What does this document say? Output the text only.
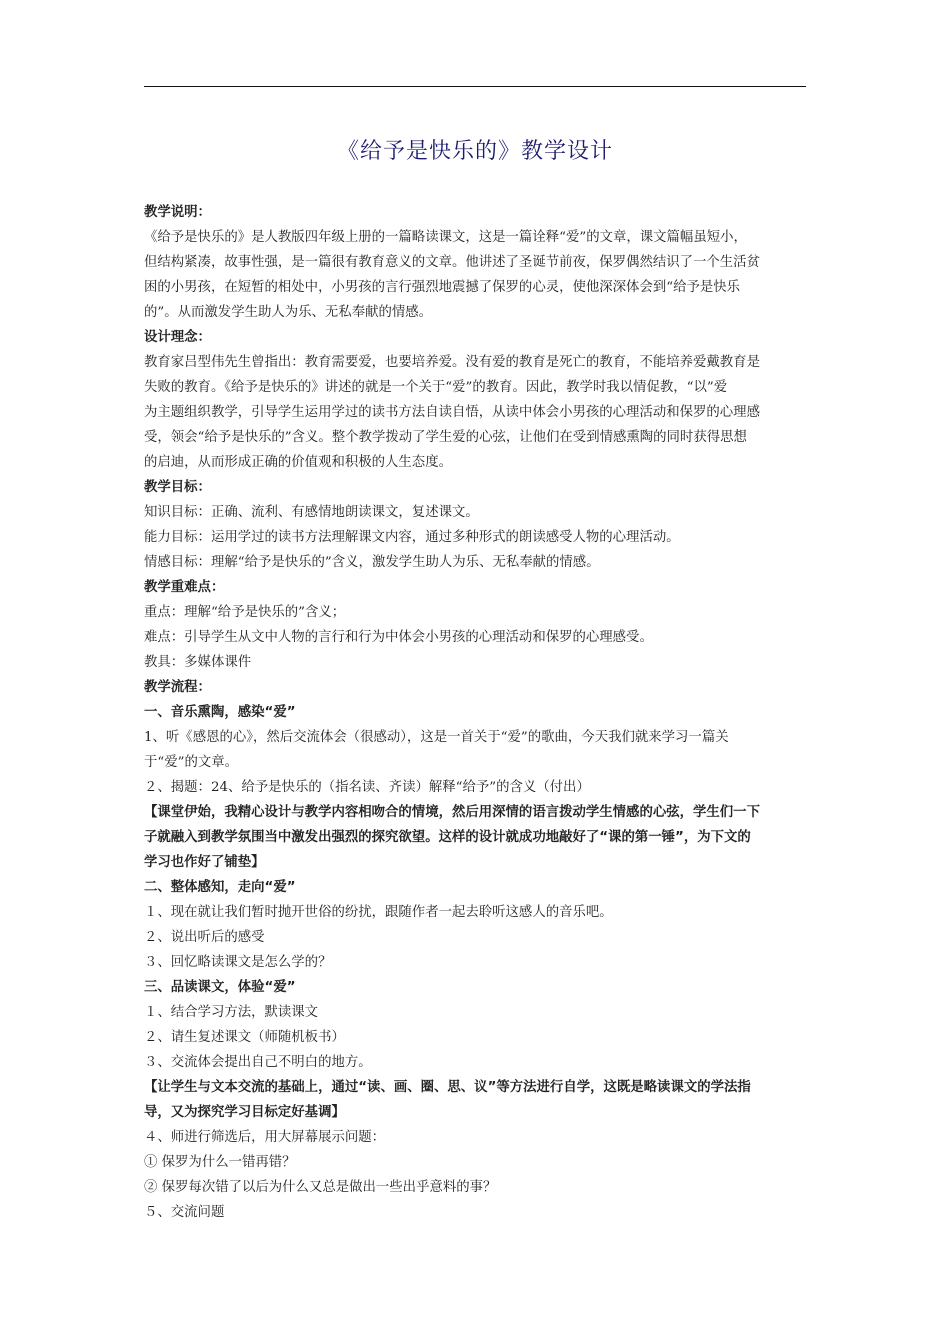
《给予是快乐的》教学设计
教学说明：
《给予是快乐的》是人教版四年级上册的一篇略读课文，这是一篇诠释“爱”的文章，课文篇幅虽短小，
但结构紧凑，故事性强，是一篇很有教育意义的文章。他讲述了圣诞节前夜，保罗偶然结识了一个生活贫
困的小男孩，在短暂的相处中，小男孩的言行强烈地震撼了保罗的心灵，使他深深体会到“给予是快乐
的”。从而激发学生助人为乐、无私奉献的情感。
设计理念：
教育家吕型伟先生曾指出：教育需要爱，也要培养爱。没有爱的教育是死亡的教育，不能培养爱戴教育是
失败的教育。《给予是快乐的》讲述的就是一个关于“爱”的教育。因此，教学时我以情促教，“以”爱
为主题组织教学，引导学生运用学过的读书方法自读自悟，从读中体会小男孩的心理活动和保罗的心理感
受，领会“给予是快乐的”含义。整个教学拨动了学生爱的心弦，让他们在受到情感熏陶的同时获得思想
的启迪，从而形成正确的价值观和积极的人生态度。
教学目标：
知识目标：正确、流利、有感情地朗读课文，复述课文。
能力目标：运用学过的读书方法理解课文内容，通过多种形式的朗读感受人物的心理活动。
情感目标：理解“给予是快乐的”含义，激发学生助人为乐、无私奉献的情感。
教学重难点：
重点：理解“给予是快乐的”含义；
难点：引导学生从文中人物的言行和行为中体会小男孩的心理活动和保罗的心理感受。
教具：多媒体课件
教学流程：
一、音乐熏陶，感染“爱”
1、听《感恩的心》，然后交流体会（很感动），这是一首关于“爱”的歌曲，今天我们就来学习一篇关
于“爱”的文章。
２、揭题：24、给予是快乐的（指名读、齐读）解释“给予”的含义（付出）
【课堂伊始，我精心设计与教学内容相吻合的情境，然后用深情的语言拨动学生情感的心弦，学生们一下
子就融入到教学氛围当中激发出强烈的探究欲望。这样的设计就成功地敲好了“课的第一锤”，为下文的
学习也作好了铺垫】
二、整体感知，走向“爱”
１、现在就让我们暂时抛开世俗的纷扰，跟随作者一起去聆听这感人的音乐吧。
２、说出听后的感受
３、回忆略读课文是怎么学的？
三、品读课文，体验“爱”
１、结合学习方法，默读课文
２、请生复述课文（师随机板书）
３、交流体会提出自己不明白的地方。
【让学生与文本交流的基础上，通过“读、画、圈、思、议”等方法进行自学，这既是略读课文的学法指
导，又为探究学习目标定好基调】
４、师进行筛选后，用大屏幕展示问题：
① 保罗为什么一错再错？
② 保罗每次错了以后为什么又总是做出一些出乎意料的事？
５、交流问题
